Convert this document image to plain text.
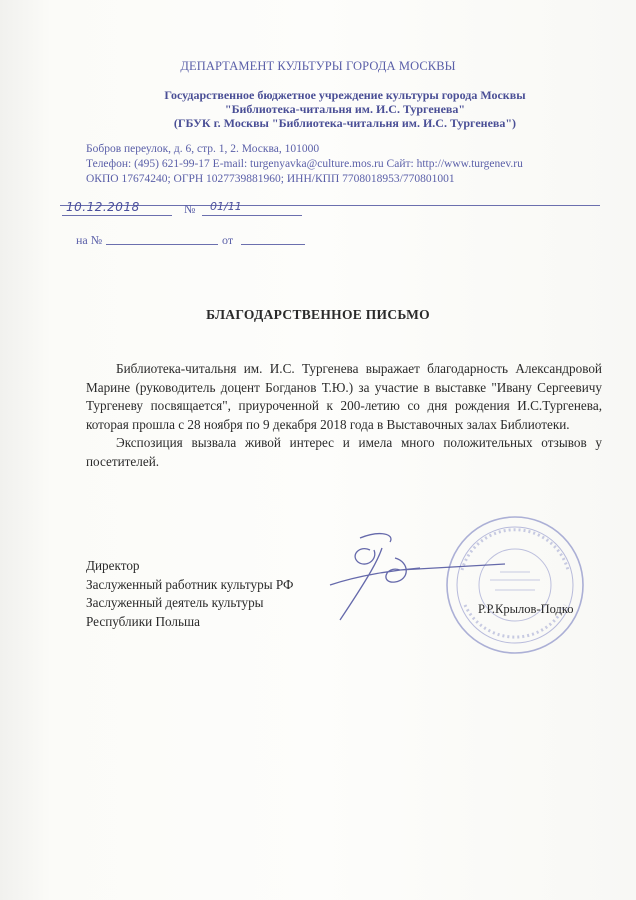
ДЕПАРТАМЕНТ КУЛЬТУРЫ ГОРОДА МОСКВЫ
Государственное бюджетное учреждение культуры города Москвы
"Библиотека-читальня им. И.С. Тургенева"
(ГБУК г. Москвы "Библиотека-читальня им. И.С. Тургенева")
Бобров переулок, д. 6, стр. 1, 2. Москва, 101000
Телефон: (495) 621-99-17 E-mail: turgenyavka@culture.mos.ru Сайт: http://www.turgenev.ru
ОКПО 17674240; ОГРН 1027739881960; ИНН/КПП 7708018953/770801001
10.12.2018	№ 01/11
на №	от
БЛАГОДАРСТВЕННОЕ ПИСЬМО

Библиотека-читальня им. И.С. Тургенева выражает благодарность Александровой Марине (руководитель доцент Богданов Т.Ю.) за участие в выставке "Ивану Сергеевичу Тургеневу посвящается", приуроченной к 200-летию со дня рождения И.С.Тургенева, которая прошла с 28 ноября по 9 декабря 2018 года в Выставочных залах Библиотеки.

Экспозиция вызвала живой интерес и имела много положительных отзывов у посетителей.

Директор
Заслуженный работник культуры РФ
Заслуженный деятель культуры
Республики Польша
Р.Р.Крылов-Подко
